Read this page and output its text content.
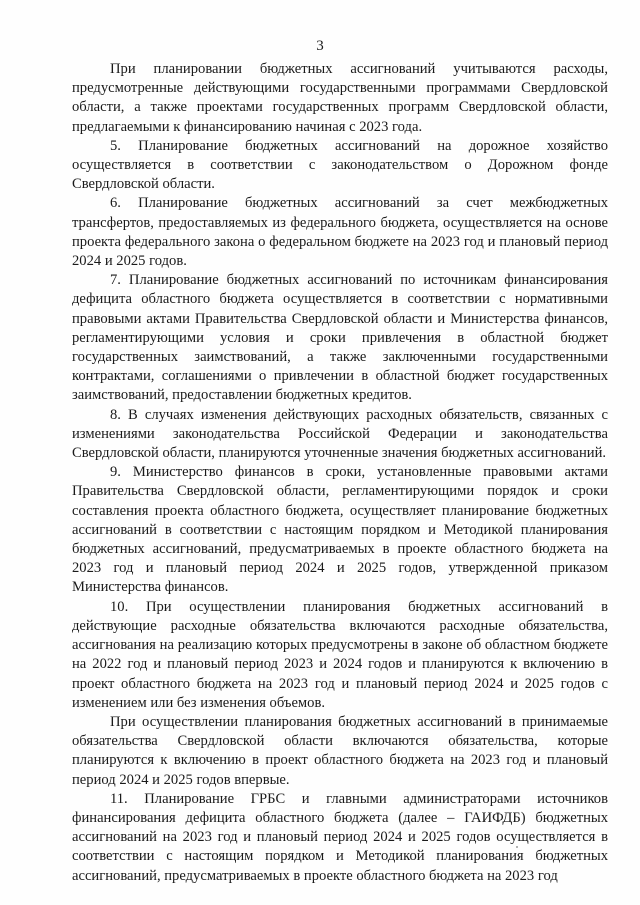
3

При планировании бюджетных ассигнований учитываются расходы, предусмотренные действующими государственными программами Свердловской области, а также проектами государственных программ Свердловской области, предлагаемыми к финансированию начиная с 2023 года.

5. Планирование бюджетных ассигнований на дорожное хозяйство осуществляется в соответствии с законодательством о Дорожном фонде Свердловской области.

6. Планирование бюджетных ассигнований за счет межбюджетных трансфертов, предоставляемых из федерального бюджета, осуществляется на основе проекта федерального закона о федеральном бюджете на 2023 год и плановый период 2024 и 2025 годов.

7. Планирование бюджетных ассигнований по источникам финансирования дефицита областного бюджета осуществляется в соответствии с нормативными правовыми актами Правительства Свердловской области и Министерства финансов, регламентирующими условия и сроки привлечения в областной бюджет государственных заимствований, а также заключенными государственными контрактами, соглашениями о привлечении в областной бюджет государственных заимствований, предоставлении бюджетных кредитов.

8. В случаях изменения действующих расходных обязательств, связанных с изменениями законодательства Российской Федерации и законодательства Свердловской области, планируются уточненные значения бюджетных ассигнований.

9. Министерство финансов в сроки, установленные правовыми актами Правительства Свердловской области, регламентирующими порядок и сроки составления проекта областного бюджета, осуществляет планирование бюджетных ассигнований в соответствии с настоящим порядком и Методикой планирования бюджетных ассигнований, предусматриваемых в проекте областного бюджета на 2023 год и плановый период 2024 и 2025 годов, утвержденной приказом Министерства финансов.

10. При осуществлении планирования бюджетных ассигнований в действующие расходные обязательства включаются расходные обязательства, ассигнования на реализацию которых предусмотрены в законе об областном бюджете на 2022 год и плановый период 2023 и 2024 годов и планируются к включению в проект областного бюджета на 2023 год и плановый период 2024 и 2025 годов с изменением или без изменения объемов.

При осуществлении планирования бюджетных ассигнований в принимаемые обязательства Свердловской области включаются обязательства, которые планируются к включению в проект областного бюджета на 2023 год и плановый период 2024 и 2025 годов впервые.

11. Планирование ГРБС и главными администраторами источников финансирования дефицита областного бюджета (далее – ГАИФДБ) бюджетных ассигнований на 2023 год и плановый период 2024 и 2025 годов осуществляется в соответствии с настоящим порядком и Методикой планирования бюджетных ассигнований, предусматриваемых в проекте областного бюджета на 2023 год
